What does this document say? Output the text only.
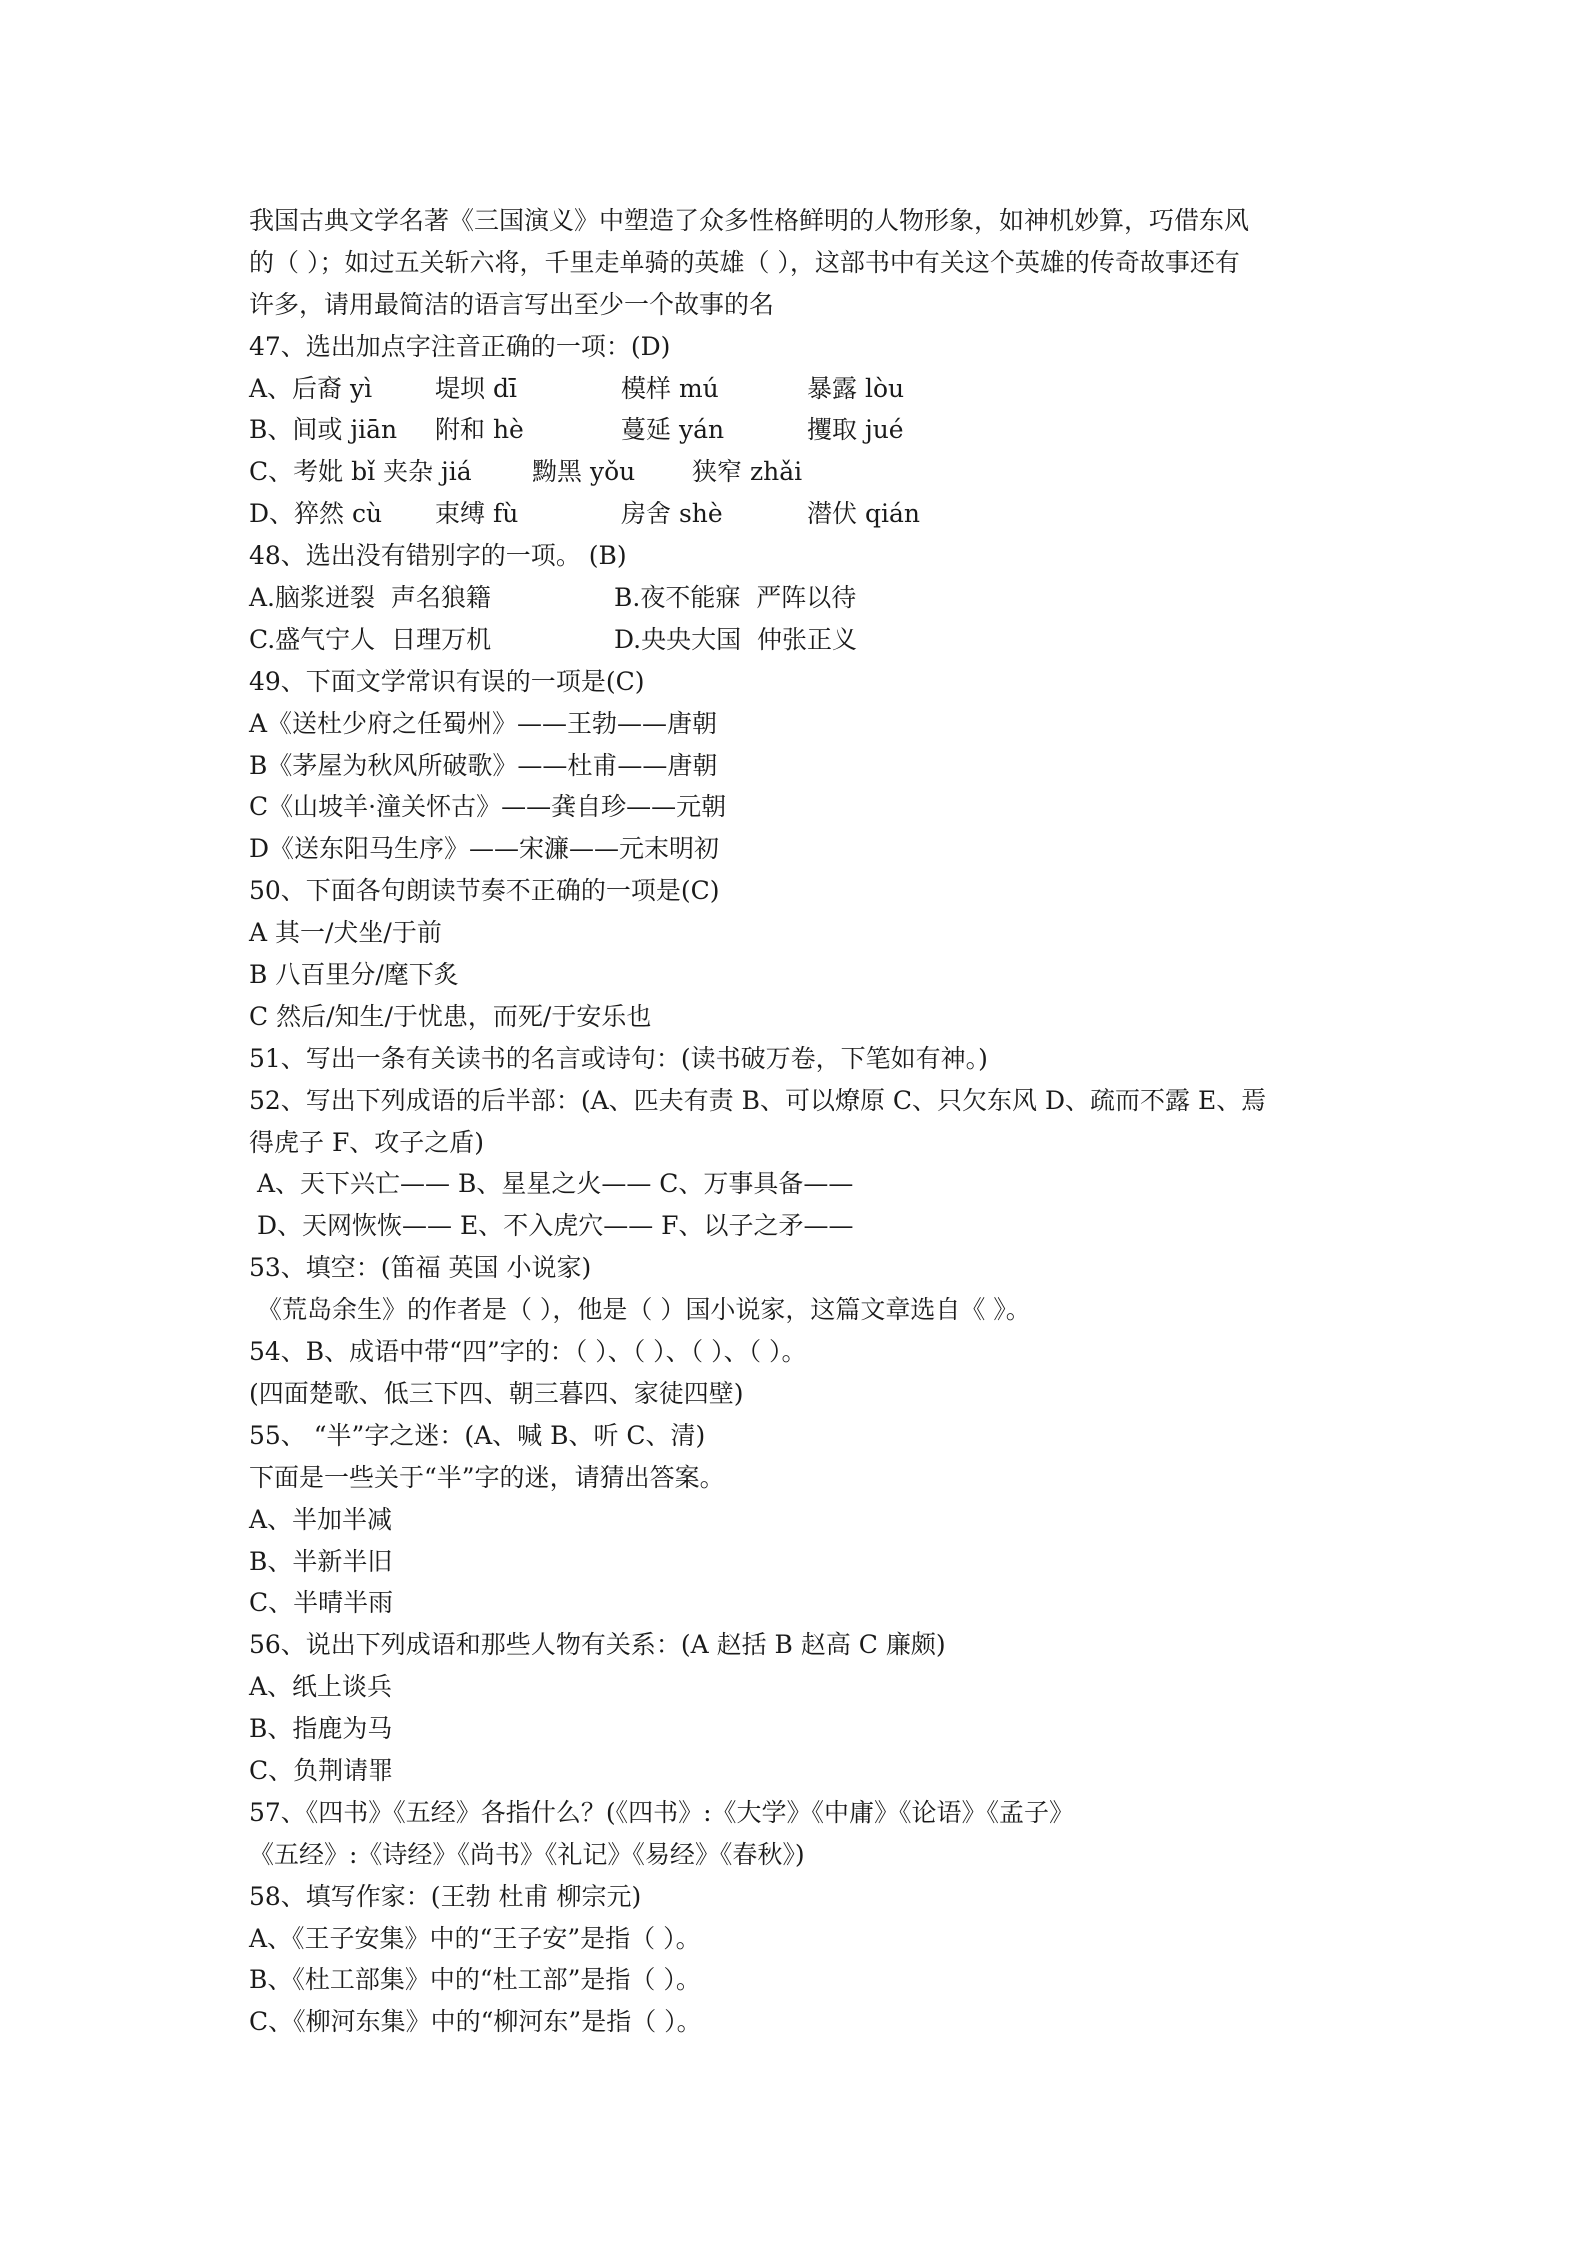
我国古典文学名著《三国演义》中塑造了众多性格鲜明的人物形象，如神机妙算，巧借东风
的（ ）；如过五关斩六将，千里走单骑的英雄（ ），这部书中有关这个英雄的传奇故事还有
许多，请用最简洁的语言写出至少一个故事的名
47、选出加点字注音正确的一项：(D)
A、后裔 yì	堤坝 dī	模样 mú	暴露 lòu
B、间或 jiān	附和 hè	蔓延 yán	攫取 jué
C、考妣 bǐ 夹杂 jiá	黝黑 yǒu	狭窄 zhǎi
D、猝然 cù	束缚 fù	房舍 shè	潜伏 qián
48、选出没有错别字的一项。 (B)
A.脑浆迸裂  声名狼籍	B.夜不能寐  严阵以待
C.盛气宁人  日理万机	D.央央大国  仲张正义
49、下面文学常识有误的一项是(C)
A《送杜少府之任蜀州》——王勃——唐朝
B《茅屋为秋风所破歌》——杜甫——唐朝
C《山坡羊·潼关怀古》——龚自珍——元朝
D《送东阳马生序》——宋濂——元末明初
50、下面各句朗读节奏不正确的一项是(C)
A 其一/犬坐/于前
B 八百里分/麾下炙
C 然后/知生/于忧患，而死/于安乐也
51、写出一条有关读书的名言或诗句：(读书破万卷，下笔如有神。)
52、写出下列成语的后半部：(A、匹夫有责 B、可以燎原 C、只欠东风 D、疏而不露 E、焉
得虎子 F、攻子之盾)
A、天下兴亡—— B、星星之火—— C、万事具备——
D、天网恢恢—— E、不入虎穴—— F、以子之矛——
53、填空：(笛福 英国 小说家)
《荒岛余生》的作者是（ ），他是（ ）国小说家，这篇文章选自《 》。
54、B、成语中带“四”字的：（ ）、（ ）、（ ）、（ ）。
(四面楚歌、低三下四、朝三暮四、家徒四壁)
55、 “半”字之迷：(A、喊 B、听 C、清)
下面是一些关于“半”字的迷，请猜出答案。
A、半加半减
B、半新半旧
C、半晴半雨
56、说出下列成语和那些人物有关系：(A 赵括 B 赵高 C 廉颇)
A、纸上谈兵
B、指鹿为马
C、负荆请罪
57、《四书》《五经》各指什么？(《四书》:《大学》《中庸》《论语》《孟子》
《五经》:《诗经》《尚书》《礼记》《易经》《春秋》)
58、填写作家：(王勃 杜甫 柳宗元)
A、《王子安集》中的“王子安”是指（ ）。
B、《杜工部集》中的“杜工部”是指（ ）。
C、《柳河东集》中的“柳河东”是指（ ）。
